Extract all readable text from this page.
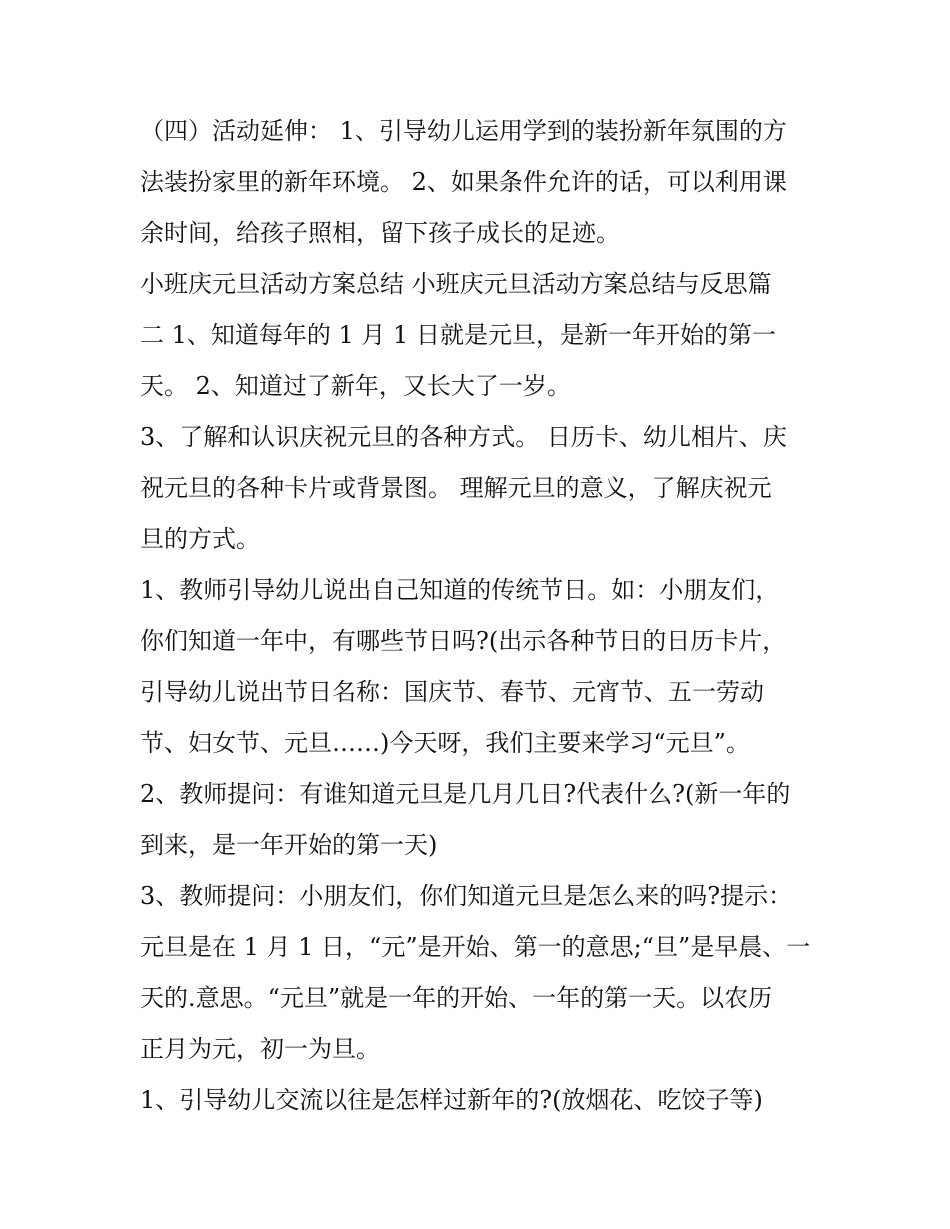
（四）活动延伸： 1、引导幼儿运用学到的装扮新年氛围的方
法装扮家里的新年环境。 2、如果条件允许的话，可以利用课
余时间，给孩子照相，留下孩子成长的足迹。
小班庆元旦活动方案总结 小班庆元旦活动方案总结与反思篇
二 1、知道每年的 1 月 1 日就是元旦，是新一年开始的第一
天。 2、知道过了新年，又长大了一岁。
3、了解和认识庆祝元旦的各种方式。 日历卡、幼儿相片、庆
祝元旦的各种卡片或背景图。 理解元旦的意义，了解庆祝元
旦的方式。
1、教师引导幼儿说出自己知道的传统节日。如：小朋友们，
你们知道一年中，有哪些节日吗?(出示各种节日的日历卡片，
引导幼儿说出节日名称：国庆节、春节、元宵节、五一劳动
节、妇女节、元旦……)今天呀，我们主要来学习“元旦”。
2、教师提问：有谁知道元旦是几月几日?代表什么?(新一年的
到来，是一年开始的第一天)
3、教师提问：小朋友们，你们知道元旦是怎么来的吗?提示：
元旦是在 1 月 1 日，“元”是开始、第一的意思;“旦”是早晨、一
天的.意思。“元旦”就是一年的开始、一年的第一天。以农历
正月为元，初一为旦。
1、引导幼儿交流以往是怎样过新年的?(放烟花、吃饺子等)
